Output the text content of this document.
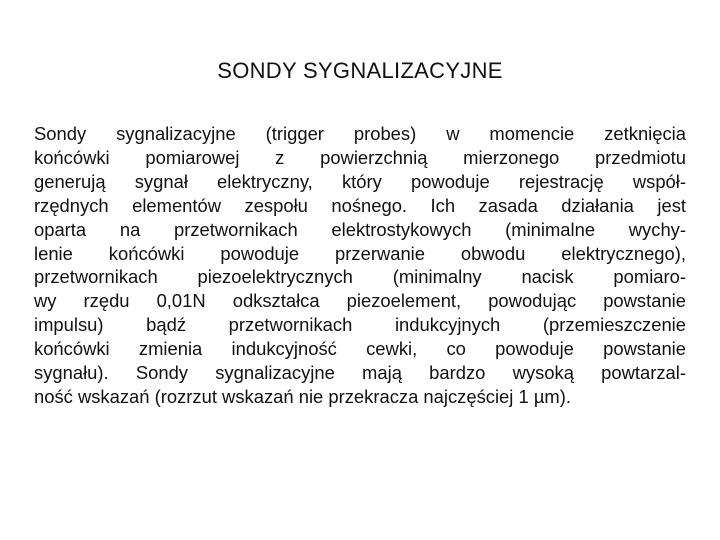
SONDY SYGNALIZACYJNE
Sondy sygnalizacyjne (trigger probes) w momencie zetknięcia
końcówki pomiarowej z powierzchnią mierzonego przedmiotu
generują sygnał elektryczny, który powoduje rejestrację współ-
rzędnych elementów zespołu nośnego. Ich zasada działania jest
oparta na przetwornikach elektrostykowych (minimalne wychy-
lenie końcówki powoduje przerwanie obwodu elektrycznego),
przetwornikach piezoelektrycznych (minimalny nacisk pomiaro-
wy rzędu 0,01N odkształca piezoelement, powodując powstanie
impulsu) bądź przetwornikach indukcyjnych (przemieszczenie
końcówki zmienia indukcyjność cewki, co powoduje powstanie
sygnału). Sondy sygnalizacyjne mają bardzo wysoką powtarzal-
ność wskazań (rozrzut wskazań nie przekracza najczęściej 1 µm).
